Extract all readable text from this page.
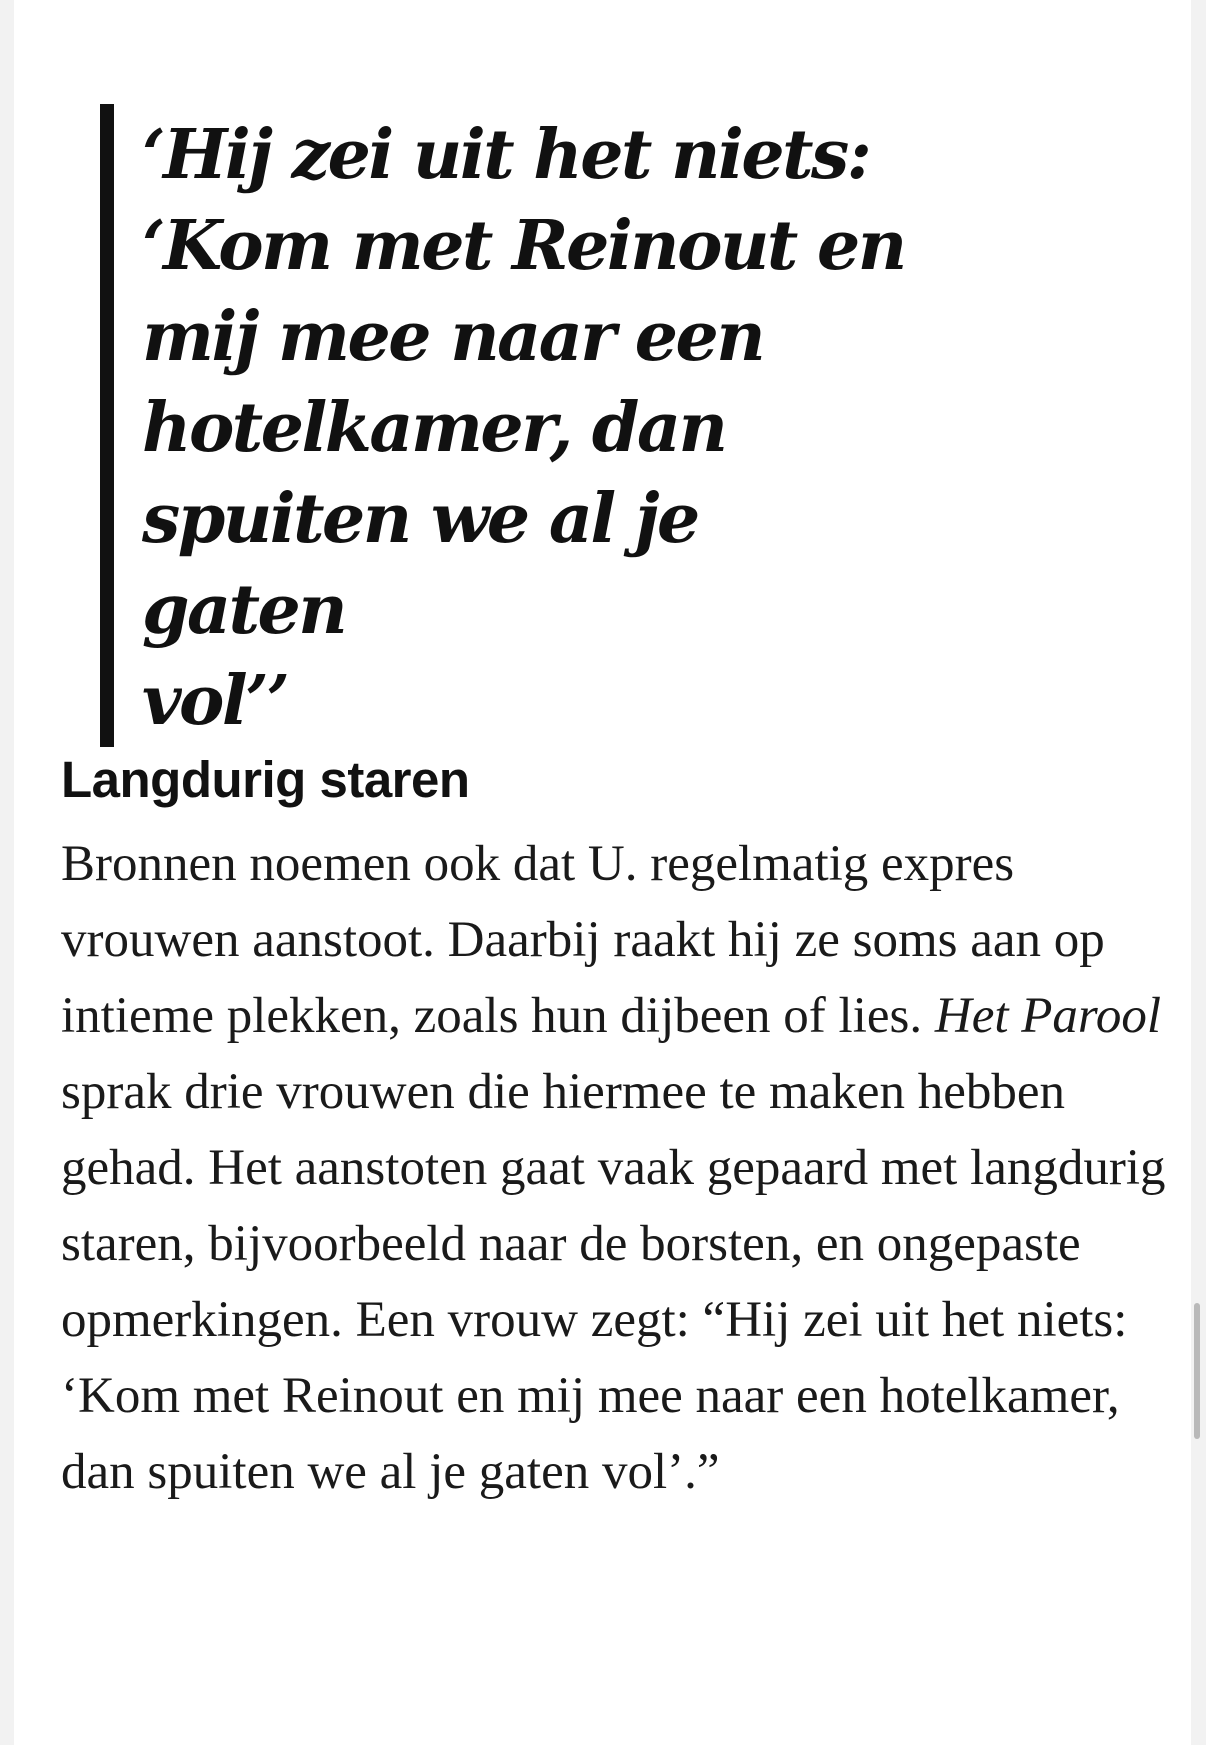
‘Hij zei uit het niets:
‘Kom met Reinout en
mij mee naar een
hotelkamer, dan
spuiten we al je gaten
vol’’

Langdurig staren

Bronnen noemen ook dat U. regelmatig expres vrouwen aanstoot. Daarbij raakt hij ze soms aan op intieme plekken, zoals hun dijbeen of lies. Het Parool sprak drie vrouwen die hiermee te maken hebben gehad. Het aanstoten gaat vaak gepaard met langdurig staren, bijvoorbeeld naar de borsten, en ongepaste opmerkingen. Een vrouw zegt: “Hij zei uit het niets: ‘Kom met Reinout en mij mee naar een hotelkamer, dan spuiten we al je gaten vol’.”
